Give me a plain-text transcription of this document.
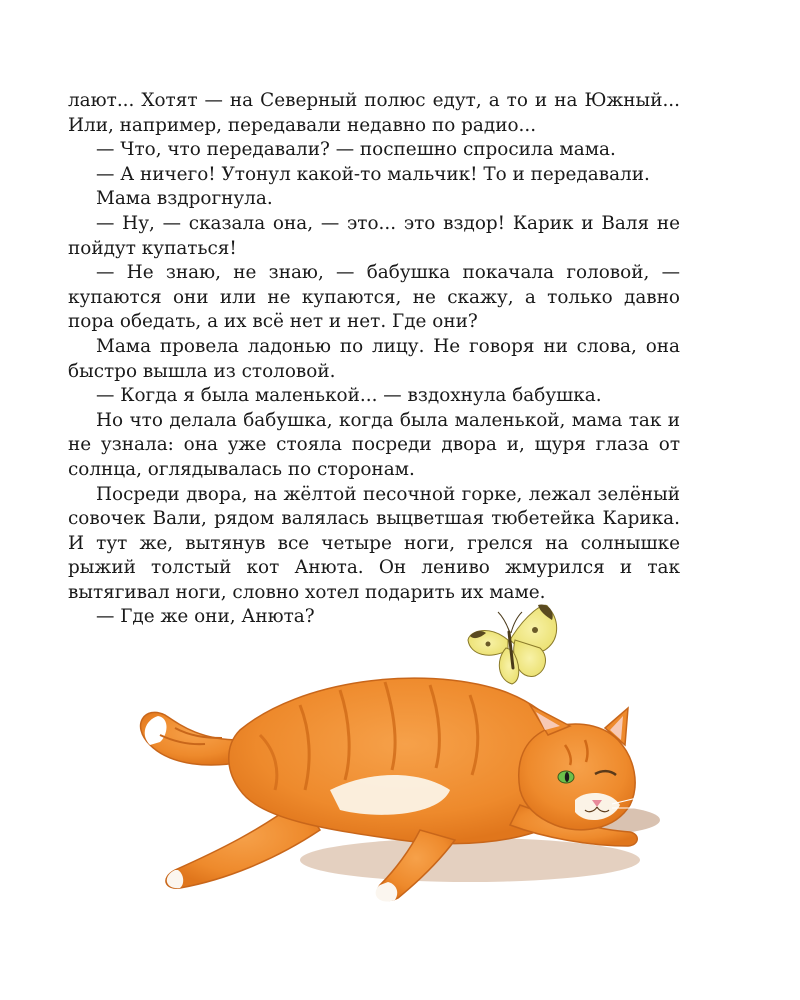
лают... Хотят — на Северный полюс едут, а то и на Южный... Или, например, передавали недавно по радио...

— Что, что передавали? — поспешно спросила мама.

— А ничего! Утонул какой-то мальчик! То и передавали.

Мама вздрогнула.

— Ну, — сказала она, — это... это вздор! Карик и Валя не пойдут купаться!

— Не знаю, не знаю, — бабушка покачала головой, — купаются они или не купаются, не скажу, а только давно пора обедать, а их всё нет и нет. Где они?

Мама провела ладонью по лицу. Не говоря ни слова, она быстро вышла из столовой.

— Когда я была маленькой... — вздохнула бабушка.

Но что делала бабушка, когда была маленькой, мама так и не узнала: она уже стояла посреди двора и, щуря глаза от солнца, оглядывалась по сторонам.

Посреди двора, на жёлтой песочной горке, лежал зелёный совочек Вали, рядом валялась выцветшая тюбетейка Карика. И тут же, вытянув все четыре ноги, грелся на солнышке рыжий толстый кот Анюта. Он лениво жмурился и так вытягивал ноги, словно хотел подарить их маме.

— Где же они, Анюта?
